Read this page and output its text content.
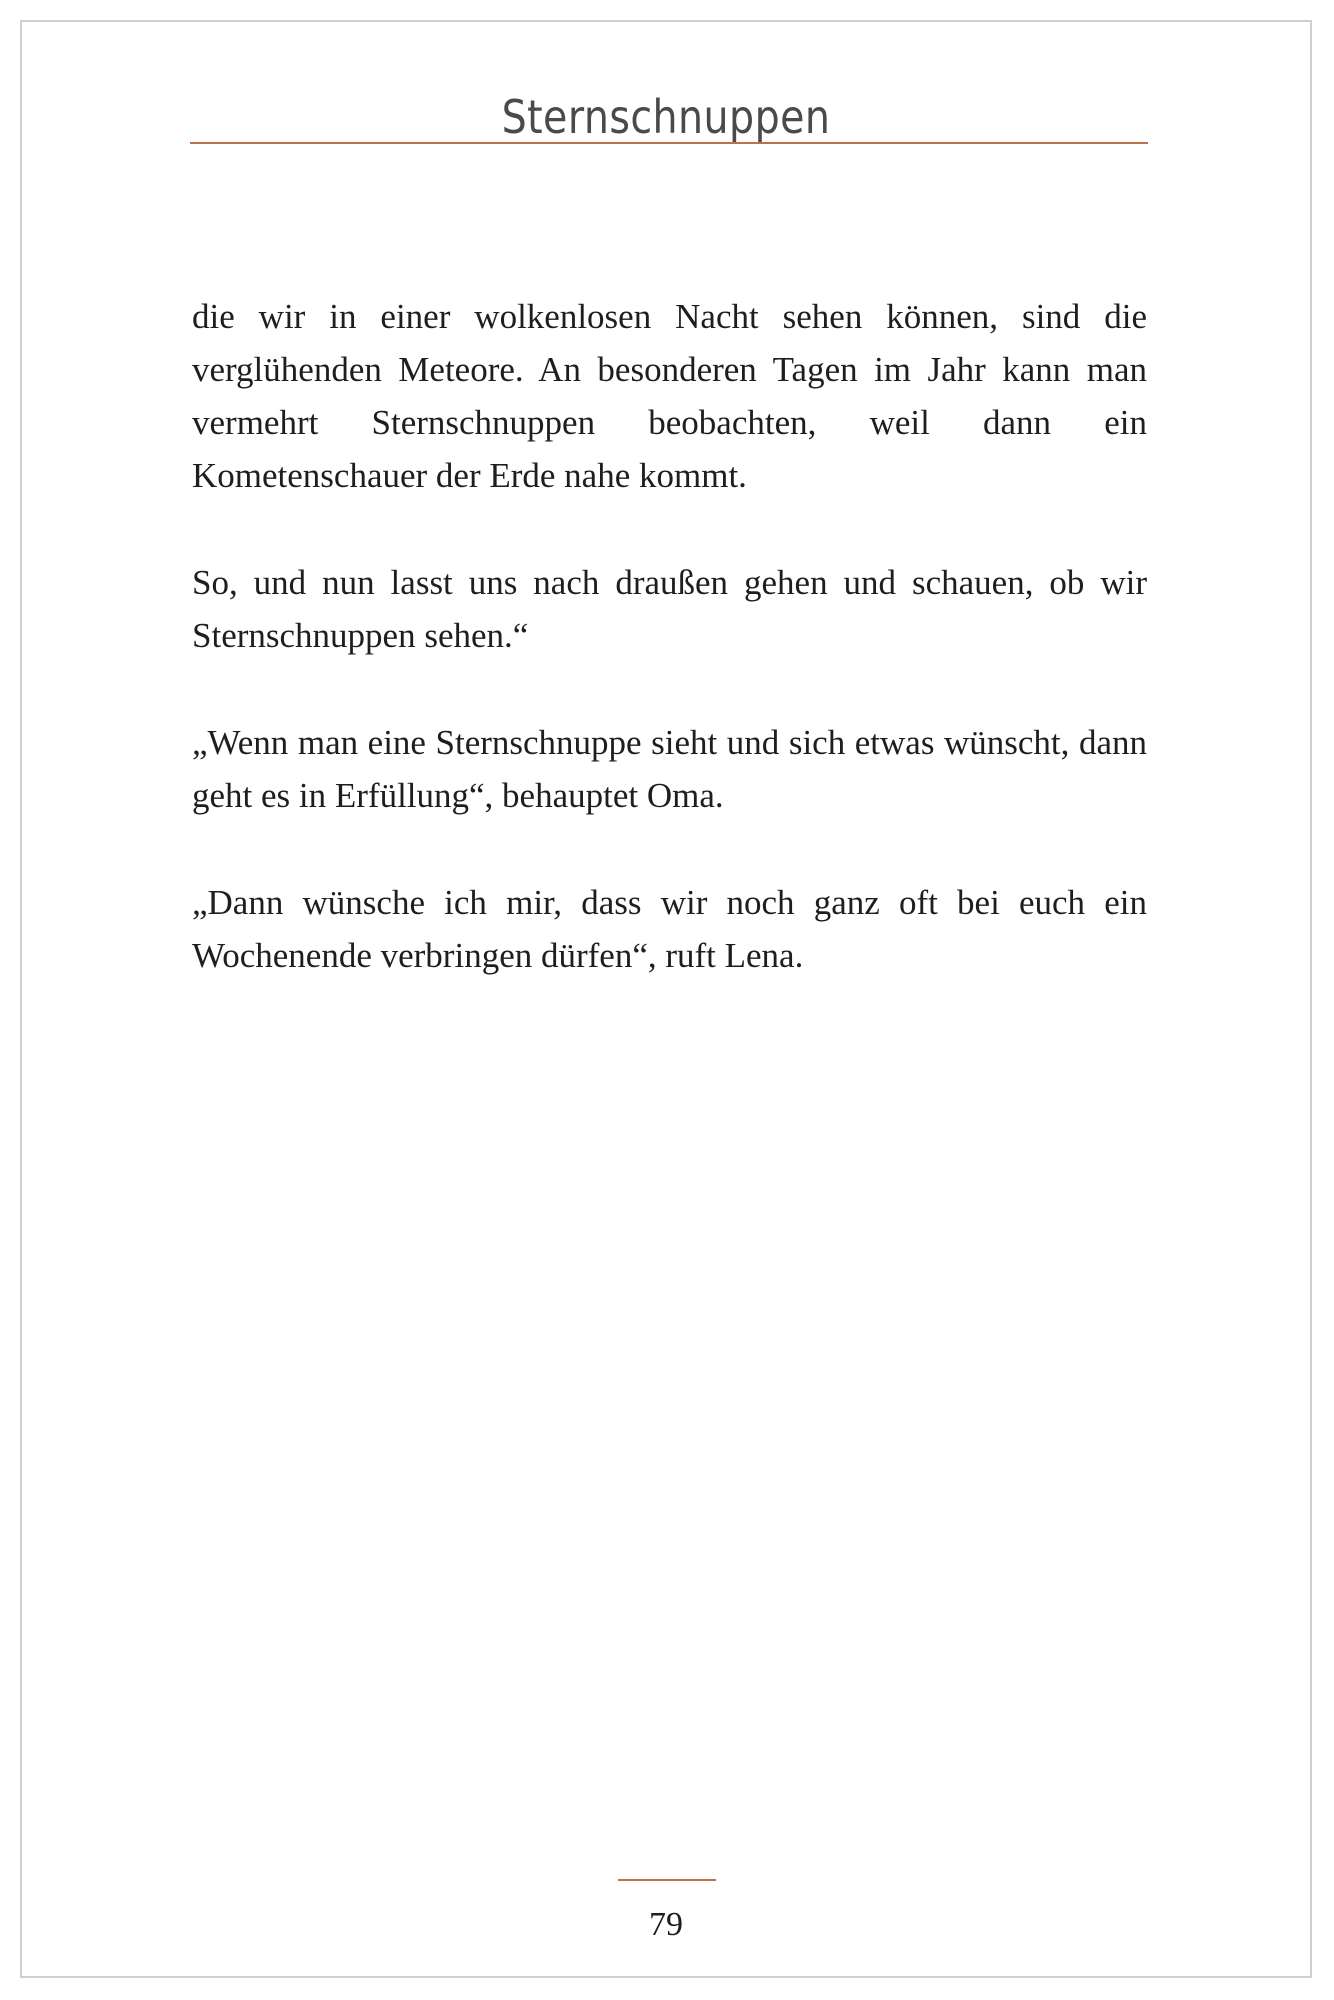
Sternschnuppen

die wir in einer wolkenlosen Nacht sehen können, sind die verglühenden Meteore. An besonderen Tagen im Jahr kann man vermehrt Sternschnuppen beobachten, weil dann ein Kometenschauer der Erde nahe kommt.

So, und nun lasst uns nach draußen gehen und schauen, ob wir Sternschnuppen sehen.“

„Wenn man eine Sternschnuppe sieht und sich etwas wünscht, dann geht es in Erfüllung“, behauptet Oma.

„Dann wünsche ich mir, dass wir noch ganz oft bei euch ein Wochenende verbringen dürfen“, ruft Lena.

79
